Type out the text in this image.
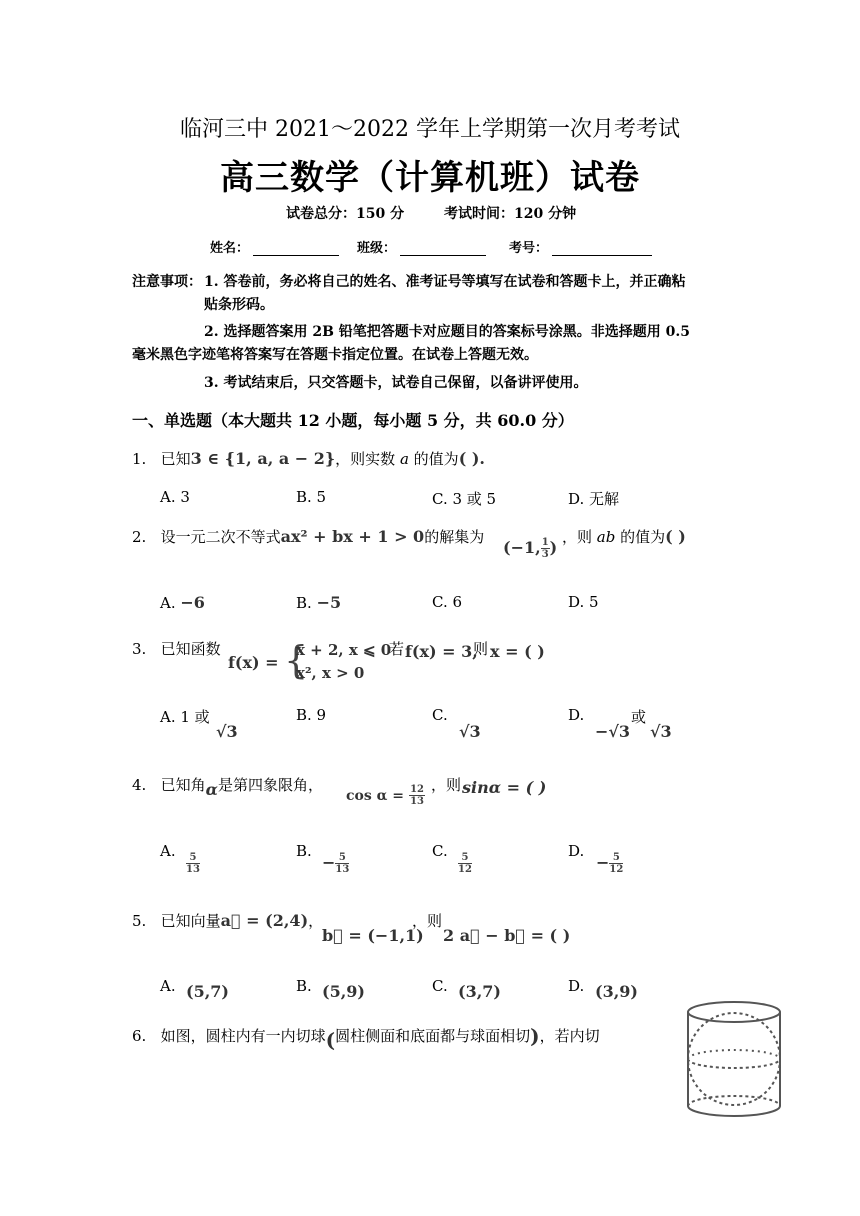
临河三中 2021～2022 学年上学期第一次月考考试
高三数学（计算机班）试卷
试卷总分：150 分	考试时间：120 分钟
姓名：	班级：	考号：
注意事项： 1. 答卷前，务必将自己的姓名、准考证号等填写在试卷和答题卡上，并正确粘
贴条形码。
2. 选择题答案用 2B 铅笔把答题卡对应题目的答案标号涂黑。非选择题用 0.5
毫米黑色字迹笔将答案写在答题卡指定位置。在试卷上答题无效。
3. 考试结束后，只交答题卡，试卷自己保留，以备讲评使用。
一、单选题（本大题共 12 小题，每小题 5 分，共 60.0 分）
1. 已知3 ∈ {1, a, a − 2}，则实数 a 的值为( ).
A. 3	B. 5	C. 3 或 5	D. 无解
2. 设一元二次不等式ax² + bx + 1 > 0的解集为
(−1, $\frac{1}{3}$ )
，则 ab 的值为( )
A. −6	B. −5	C. 6	D. 5
3. 已知函数
f(x) = {
x + 2, x ⩽ 0
x², x > 0
若 f(x) = 3,
则 x = ( )
A. 1 或
√3
B. 9	C.
√3
D.
−√3
或
√3
4. 已知角α是第四象限角，
$\cos \alpha = \frac{12}{13}$ ，则 sinα = ( )
A.
$\frac{5}{13}$
B.
− $\frac{5}{13}$
C.
$\frac{5}{12}$
D.
− $\frac{5}{12}$
5. 已知向量a⃗ = (2,4)，
b⃗ = (−1,1)
，则
2 a⃗ − b⃗ = ( )
A. (5,7)	B. (5,9)	C. (3,7)	D. (3,9)
6. 如图，圆柱内有一内切球(圆柱侧面和底面都与球面相切)，若内切
